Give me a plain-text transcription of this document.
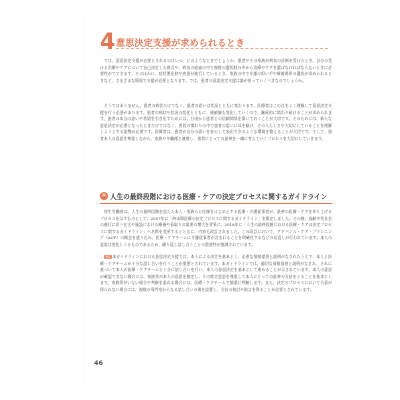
4 意思決定支援が求められるとき

では、意思決定支援が必要とされるのはいつ、どのようなときでしょうか。患者やその家族が病気の診断を受けたとき、自分の受ける治療やケアについて自己決定した時点や、病気の経過の中で複数の選択肢の中から治療やケアを選ばなければならないときに必要性がでてきます。そのほかに、症状悪化時や疾患が進行しているとき、家族の中で介護の担い手や療養場所の選択が求められるときなど、さまざまな場面で支援が必要となります。では、患者の意思決定支援は誰が担っていくべきなのでしょうか。

そうではありません。患者の病状だけでなく、患者の思いは状況とともに変わります。医療者はこの点をよく理解して意思決定支援を行う必要があります。患者の病状や状況の変化とともに、価値観も変化していくので、継続的に関わり続けることが求められます。患者の本当の思いや希望を引き出すためには、日頃から患者との信頼関係を築いておくことが大切です。そのためには、新たな意思決定が必要となったときだけではなく、普段の関わりの中で患者の思いに耳を傾け、その人らしさや大切にしていることを理解しようとする姿勢が必要です。医療者は、患者が自分の思いを安心して表出できるような環境を整えることが大切です。そして、患者本人の意思を尊重しながら、家族や多職種と連携し、患者にとっての最善を一緒に考えていくプロセスを大切にしていきます。

① 人生の最終段階における医療・ケアの決定プロセスに関するガイドライン

厚生労働省は、人生の最終段階を迎えた本人・家族らと医師をはじめとする医療・介護従事者が、最善の医療・ケアを作り上げるプロセスを示すものとして、2007年に「終末期医療の決定プロセスに関するガイドライン」を策定しました。その後、高齢多死社会の進行に伴う在宅や施設における療養や看取りの需要の増大を背景に、2018年に「人生の最終段階における医療・ケアの決定プロセスに関するガイドライン」へ名称を変更するとともに、内容も改訂されました。この改訂において、アドバンス・ケア・プランニング（ACP）の概念を盛り込み、医療・ケアチームに介護従事者が含まれることを明確化するなどの見直しが行われています。本人の意思は変化しうるものであるため、繰り返し話し合うことの重要性が強調されています。

表1 本ガイドラインにおける意思決定支援では、本人による決定を基本とし、必要な情報提供と説明がなされたうえで、本人と医療・ケアチームが十分な話し合いを行うことが重要とされています。本ガイドラインでは、適切な情報提供と説明がなされ、それに基づいて本人が医療・ケアチームと十分に話し合いを行い、本人の意思決定を基本として進めることが示されています。本人の意思が確認できない場合には、家族等が本人の意思を推定し、その推定意思を尊重して本人にとっての最善の方針をとることを基本とします。家族等がいない場合や判断を委ねる場合には、医療・ケアチームで慎重に判断します。また、決定のプロセスにおいて合意が得られない場合には、複数の専門家からなる話し合いの場を設置し、方針の検討や助言を得ることが必要とされています。

46
